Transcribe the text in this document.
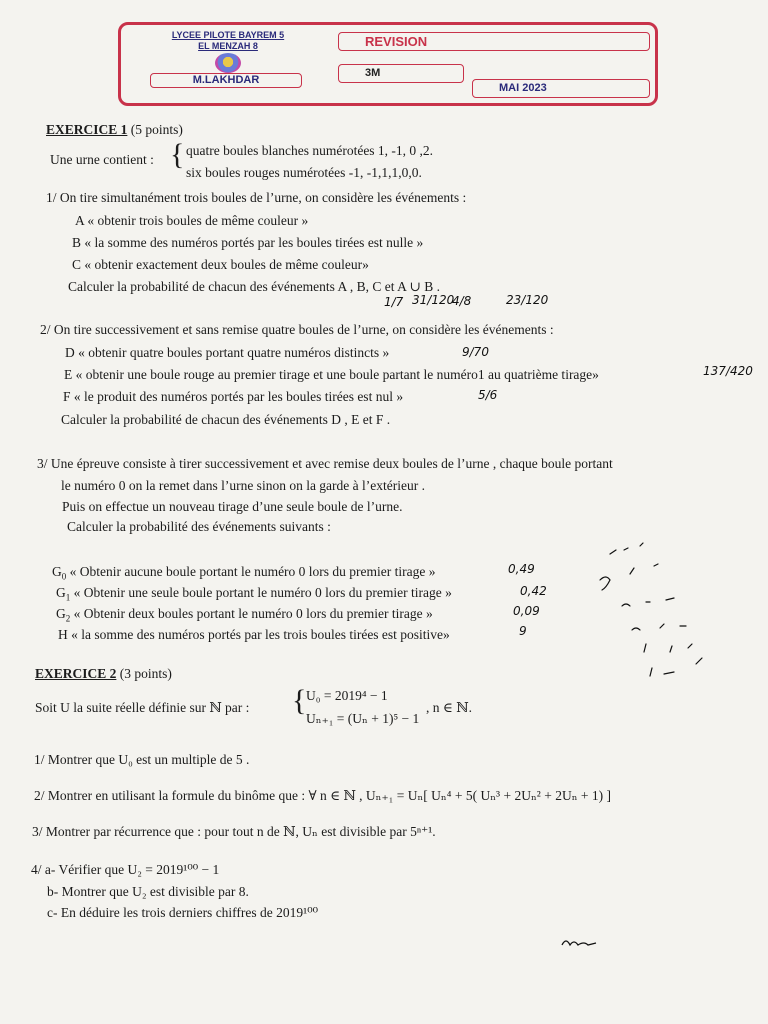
LYCEE PILOTE BAYREM 5
EL MENZAH 8
M.LAKHDAR
REVISION
3M
MAI 2023
EXERCICE 1 (5 points)
Une urne contient : { quatre boules blanches numérotées 1, -1, 0 ,2.
six boules rouges numérotées -1, -1,1,1,0,0.
1/ On tire simultanément trois boules de l’urne, on considère les événements :
A « obtenir trois boules de même couleur »
B « la somme des numéros portés par les boules tirées est nulle »
C « obtenir exactement deux boules de même couleur»
Calculer la probabilité de chacun des événements A , B, C et A ∪ B .
1/7 31/120
4/8	23/120
2/ On tire successivement et sans remise quatre boules de l’urne, on considère les événements :
D « obtenir quatre boules portant quatre numéros distincts »	9/70
E « obtenir une boule rouge au premier tirage et une boule partant le numéro1 au quatrième tirage»	137/420
F « le produit des numéros portés par les boules tirées est nul »	5/6
Calculer la probabilité de chacun des événements D , E et F .
3/ Une épreuve consiste à tirer successivement et avec remise deux boules de l’urne , chaque boule portant
le numéro 0 on la remet dans l’urne sinon on la garde à l’extérieur .
Puis on effectue un nouveau tirage d’une seule boule de l’urne.
Calculer la probabilité des événements suivants :
$G_0$ « Obtenir aucune boule portant le numéro 0 lors du premier tirage »	0,49
$G_1$ « Obtenir une seule boule portant le numéro 0 lors du premier tirage »	0,42
$G_2$ « Obtenir deux boules portant le numéro 0 lors du premier tirage »	0,09
H « la somme des numéros portés par les trois boules tirées est positive»	9
EXERCICE 2 (3 points)
Soit U la suite réelle définie sur ℕ par : { U₀ = 2019⁴ − 1
Uₙ₊₁ = (Uₙ + 1)⁵ − 1
, n ∈ ℕ.
1/ Montrer que U₀ est un multiple de 5 .
2/ Montrer en utilisant la formule du binôme que : ∀ n ∈ ℕ , Uₙ₊₁ = Uₙ[ Uₙ⁴ + 5( Uₙ³ + 2Uₙ² + 2Uₙ + 1) ]
3/ Montrer par récurrence que : pour tout n de ℕ, Uₙ est divisible par 5ⁿ⁺¹.
4/ a- Vérifier que U₂ = 2019¹⁰⁰ − 1
b- Montrer que U₂ est divisible par 8.
c- En déduire les trois derniers chiffres de 2019¹⁰⁰
